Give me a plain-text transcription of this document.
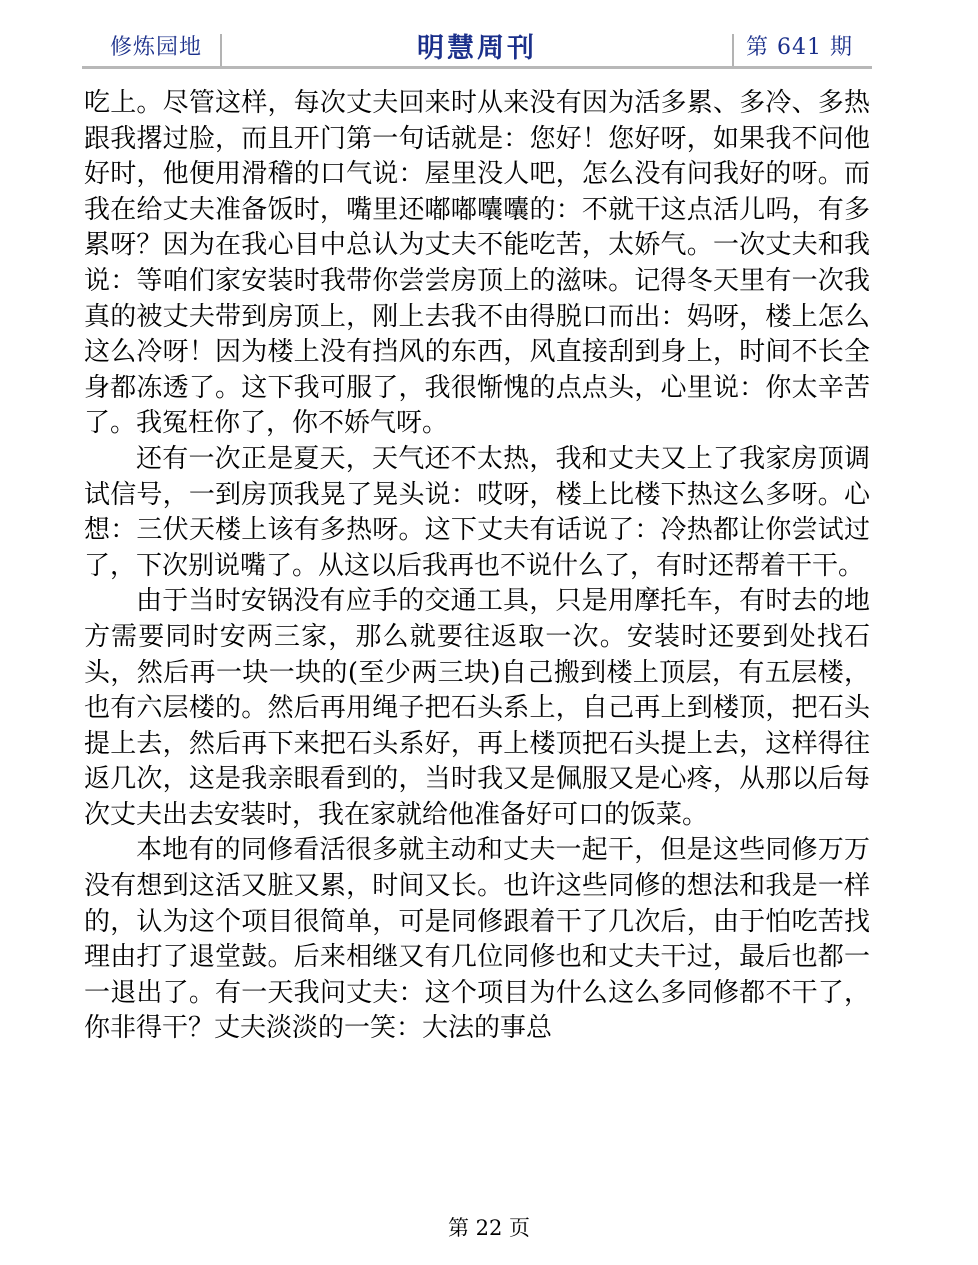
修炼园地	明慧周刊	第 641 期

吃上。尽管这样，每次丈夫回来时从来没有因为活多累、多冷、多热跟我撂过脸，而且开门第一句话就是：您好！您好呀，如果我不问他好时，他便用滑稽的口气说：屋里没人吧，怎么没有问我好的呀。而我在给丈夫准备饭时，嘴里还嘟嘟囔囔的：不就干这点活儿吗，有多累呀？因为在我心目中总认为丈夫不能吃苦，太娇气。一次丈夫和我说：等咱们家安装时我带你尝尝房顶上的滋味。记得冬天里有一次我真的被丈夫带到房顶上，刚上去我不由得脱口而出：妈呀，楼上怎么这么冷呀！因为楼上没有挡风的东西，风直接刮到身上，时间不长全身都冻透了。这下我可服了，我很惭愧的点点头，心里说：你太辛苦了。我冤枉你了，你不娇气呀。

还有一次正是夏天，天气还不太热，我和丈夫又上了我家房顶调试信号，一到房顶我晃了晃头说：哎呀，楼上比楼下热这么多呀。心想：三伏天楼上该有多热呀。这下丈夫有话说了：冷热都让你尝试过了，下次别说嘴了。从这以后我再也不说什么了，有时还帮着干干。

由于当时安锅没有应手的交通工具，只是用摩托车，有时去的地方需要同时安两三家，那么就要往返取一次。安装时还要到处找石头，然后再一块一块的(至少两三块)自己搬到楼上顶层，有五层楼，也有六层楼的。然后再用绳子把石头系上，自己再上到楼顶，把石头提上去，然后再下来把石头系好，再上楼顶把石头提上去，这样得往返几次，这是我亲眼看到的，当时我又是佩服又是心疼，从那以后每次丈夫出去安装时，我在家就给他准备好可口的饭菜。

本地有的同修看活很多就主动和丈夫一起干，但是这些同修万万没有想到这活又脏又累，时间又长。也许这些同修的想法和我是一样的，认为这个项目很简单，可是同修跟着干了几次后，由于怕吃苦找理由打了退堂鼓。后来相继又有几位同修也和丈夫干过，最后也都一一退出了。有一天我问丈夫：这个项目为什么这么多同修都不干了，你非得干？丈夫淡淡的一笑：大法的事总

第 22 页
